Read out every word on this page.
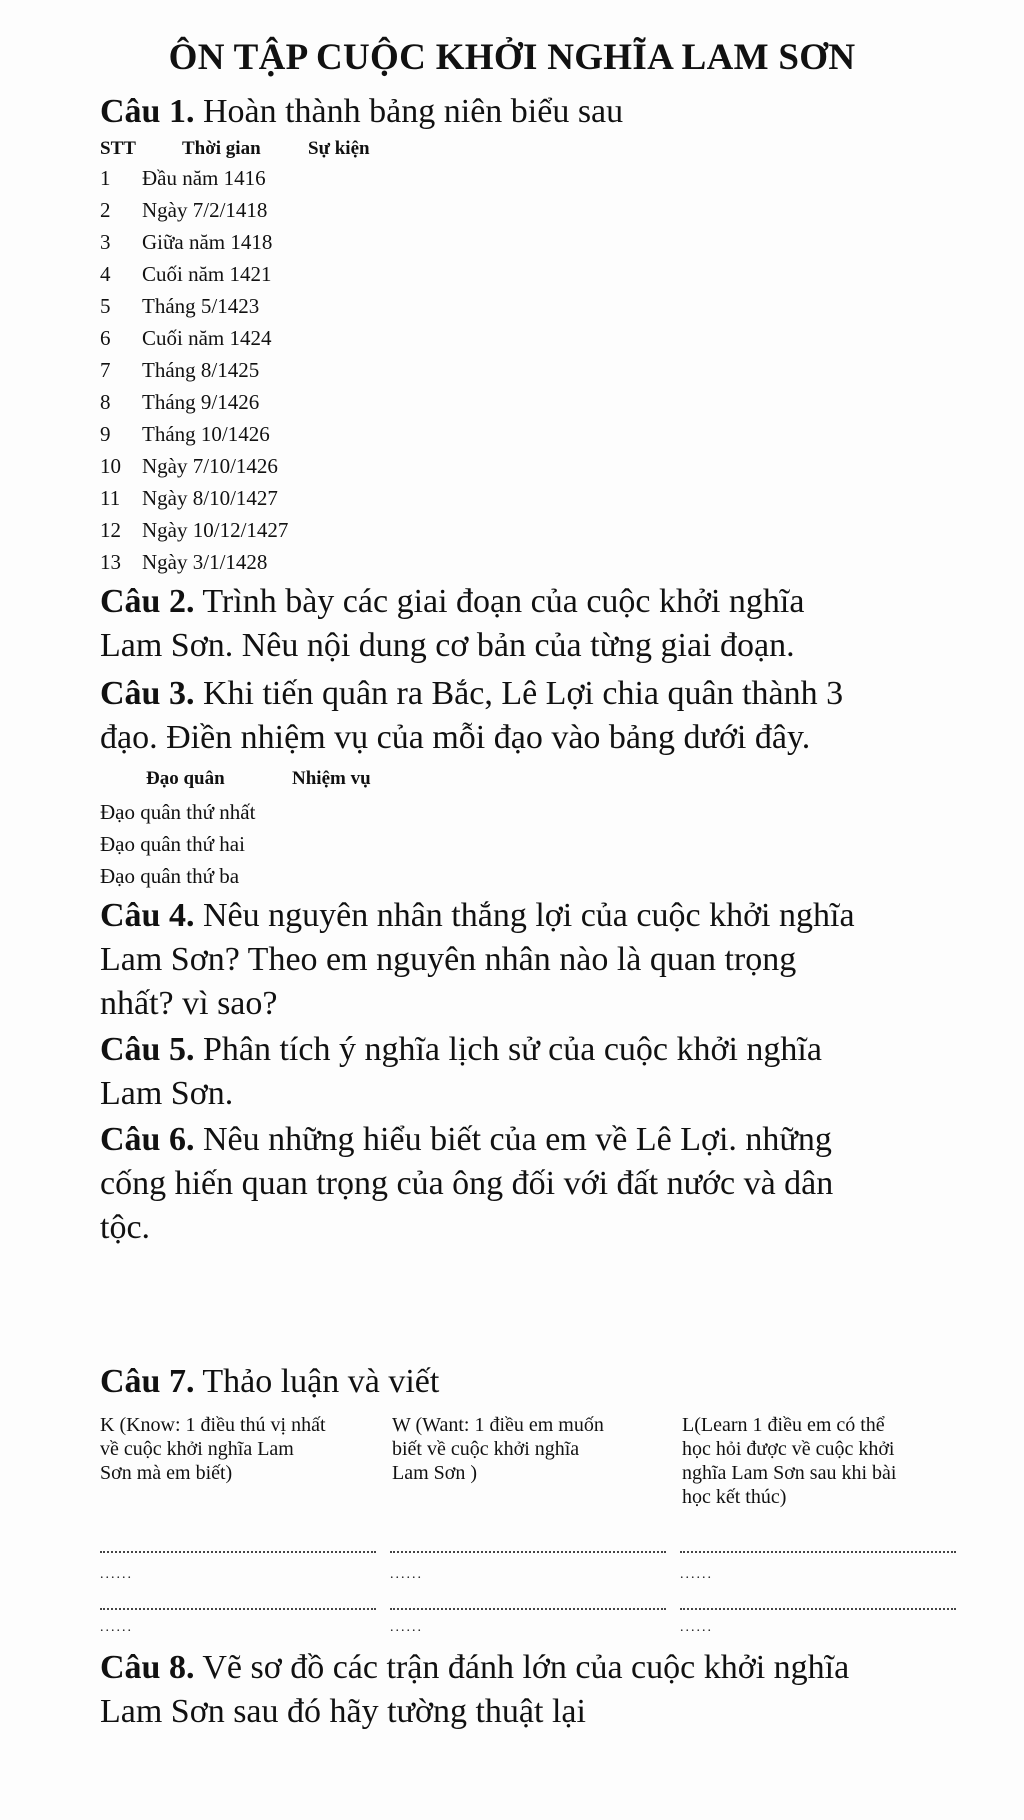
ÔN TẬP CUỘC KHỞI NGHĨA LAM SƠN
Câu 1. Hoàn thành bảng niên biểu sau
STT Thời gian Sự kiện
1 Đầu năm 1416
2 Ngày 7/2/1418
3 Giữa năm 1418
4 Cuối năm 1421
5 Tháng 5/1423
6 Cuối năm 1424
7 Tháng 8/1425
8 Tháng 9/1426
9 Tháng 10/1426
10 Ngày 7/10/1426
11 Ngày 8/10/1427
12 Ngày 10/12/1427
13 Ngày 3/1/1428
Câu 2. Trình bày các giai đoạn của cuộc khởi nghĩa
Lam Sơn. Nêu nội dung cơ bản của từng giai đoạn.
Câu 3. Khi tiến quân ra Bắc, Lê Lợi chia quân thành 3
đạo. Điền nhiệm vụ của mỗi đạo vào bảng dưới đây.
Đạo quân	Nhiệm vụ
Đạo quân thứ nhất
Đạo quân thứ hai
Đạo quân thứ ba
Câu 4. Nêu nguyên nhân thắng lợi của cuộc khởi nghĩa
Lam Sơn? Theo em nguyên nhân nào là quan trọng
nhất? vì sao?
Câu 5. Phân tích ý nghĩa lịch sử của cuộc khởi nghĩa
Lam Sơn.
Câu 6. Nêu những hiểu biết của em về Lê Lợi. những
cống hiến quan trọng của ông đối với đất nước và dân
tộc.
Câu 7. Thảo luận và viết
K (Know: 1 điều thú vị nhất
về cuộc khởi nghĩa Lam
Sơn mà em biết)
W (Want: 1 điều em muốn
biết về cuộc khởi nghĩa
Lam Sơn )
L(Learn 1 điều em có thể
học hỏi được về cuộc khởi
nghĩa Lam Sơn sau khi bài
học kết thúc)
......	......	......
......	......	......
Câu 8. Vẽ sơ đồ các trận đánh lớn của cuộc khởi nghĩa
Lam Sơn sau đó hãy tường thuật lại
